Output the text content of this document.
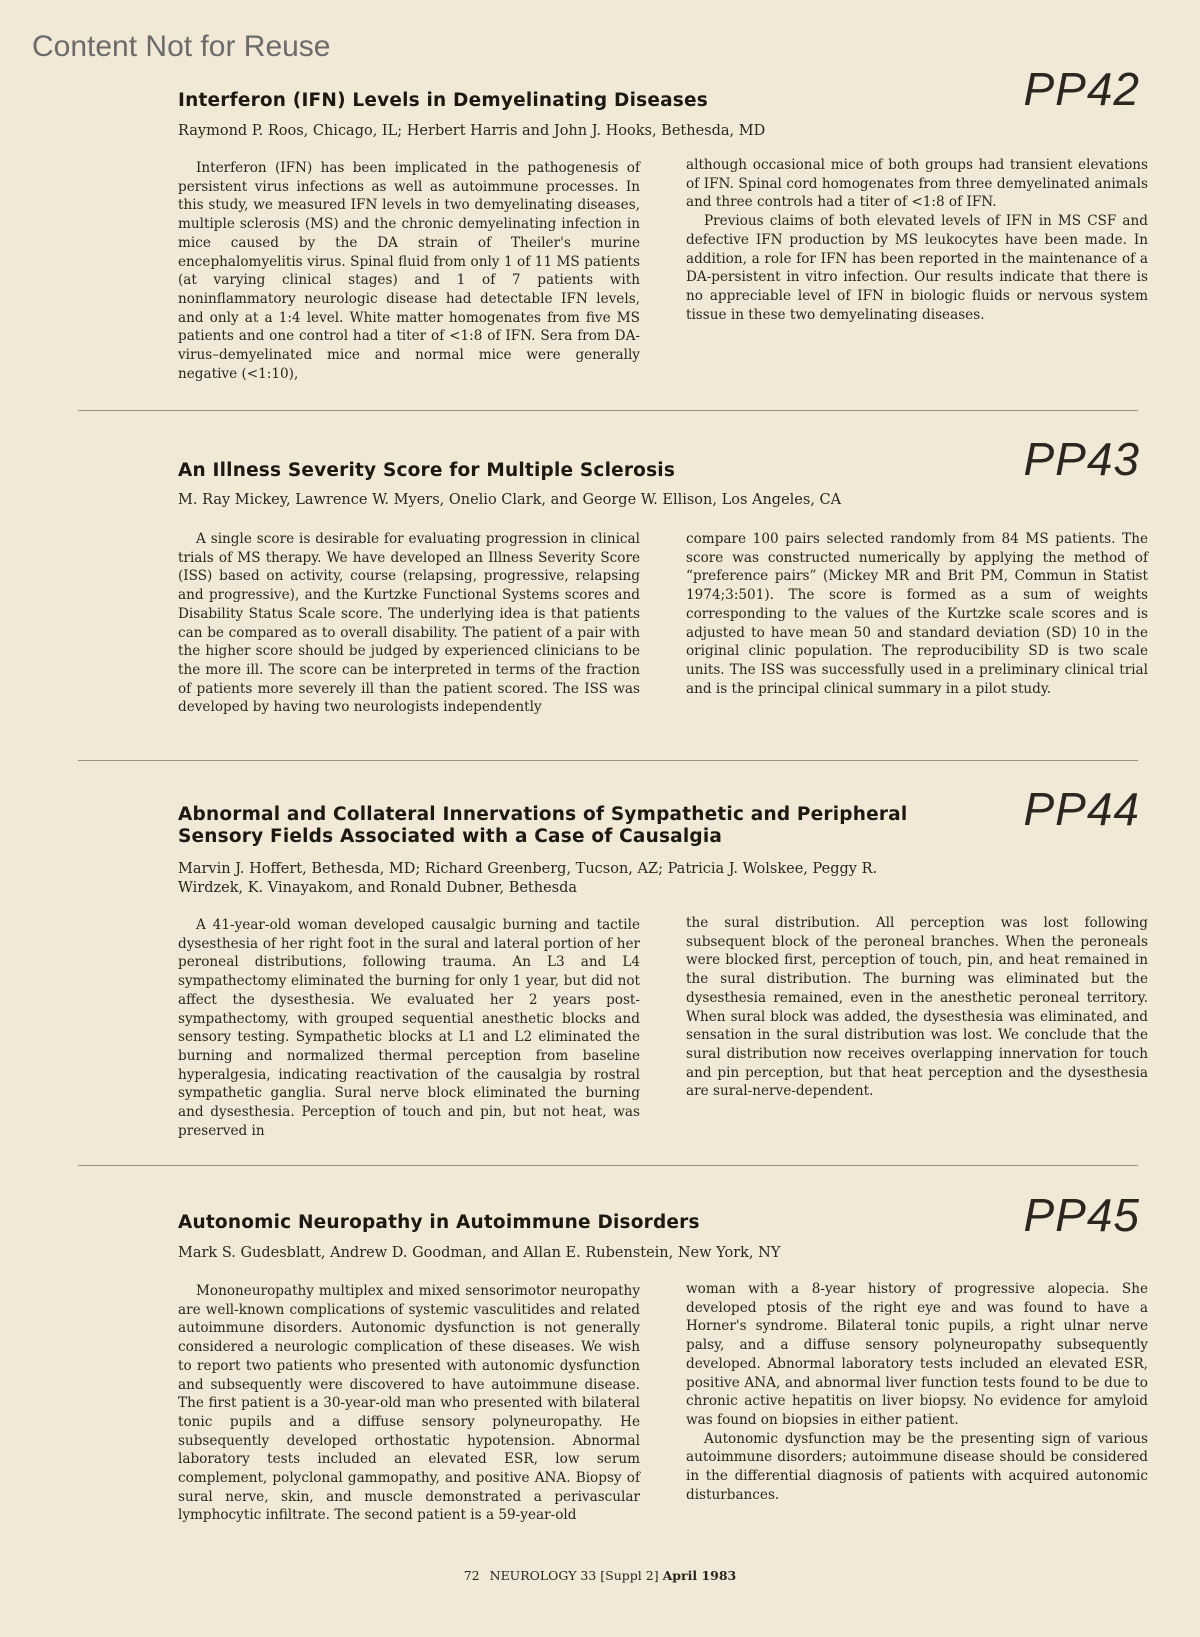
Content Not for Reuse
PP42
Interferon (IFN) Levels in Demyelinating Diseases
Raymond P. Roos, Chicago, IL; Herbert Harris and John J. Hooks, Bethesda, MD

Interferon (IFN) has been implicated in the pathogenesis of persistent virus infections as well as autoimmune processes. In this study, we measured IFN levels in two demyelinating diseases, multiple sclerosis (MS) and the chronic demyelinating infection in mice caused by the DA strain of Theiler's murine encephalomyelitis virus. Spinal fluid from only 1 of 11 MS patients (at varying clinical stages) and 1 of 7 patients with noninflammatory neurologic disease had detectable IFN levels, and only at a 1:4 level. White matter homogenates from five MS patients and one control had a titer of <1:8 of IFN. Sera from DA-virus–demyelinated mice and normal mice were generally negative (<1:10),

although occasional mice of both groups had transient elevations of IFN. Spinal cord homogenates from three demyelinated animals and three controls had a titer of <1:8 of IFN.

Previous claims of both elevated levels of IFN in MS CSF and defective IFN production by MS leukocytes have been made. In addition, a role for IFN has been reported in the maintenance of a DA-persistent in vitro infection. Our results indicate that there is no appreciable level of IFN in biologic fluids or nervous system tissue in these two demyelinating diseases.

PP43
An Illness Severity Score for Multiple Sclerosis
M. Ray Mickey, Lawrence W. Myers, Onelio Clark, and George W. Ellison, Los Angeles, CA

A single score is desirable for evaluating progression in clinical trials of MS therapy. We have developed an Illness Severity Score (ISS) based on activity, course (relapsing, progressive, relapsing and progressive), and the Kurtzke Functional Systems scores and Disability Status Scale score. The underlying idea is that patients can be compared as to overall disability. The patient of a pair with the higher score should be judged by experienced clinicians to be the more ill. The score can be interpreted in terms of the fraction of patients more severely ill than the patient scored. The ISS was developed by having two neurologists independently

compare 100 pairs selected randomly from 84 MS patients. The score was constructed numerically by applying the method of “preference pairs” (Mickey MR and Brit PM, Commun in Statist 1974;3:501). The score is formed as a sum of weights corresponding to the values of the Kurtzke scale scores and is adjusted to have mean 50 and standard deviation (SD) 10 in the original clinic population. The reproducibility SD is two scale units. The ISS was successfully used in a preliminary clinical trial and is the principal clinical summary in a pilot study.

PP44
Abnormal and Collateral Innervations of Sympathetic and Peripheral Sensory Fields Associated with a Case of Causalgia
Marvin J. Hoffert, Bethesda, MD; Richard Greenberg, Tucson, AZ; Patricia J. Wolskee, Peggy R. Wirdzek, K. Vinayakom, and Ronald Dubner, Bethesda

A 41-year-old woman developed causalgic burning and tactile dysesthesia of her right foot in the sural and lateral portion of her peroneal distributions, following trauma. An L3 and L4 sympathectomy eliminated the burning for only 1 year, but did not affect the dysesthesia. We evaluated her 2 years post-sympathectomy, with grouped sequential anesthetic blocks and sensory testing. Sympathetic blocks at L1 and L2 eliminated the burning and normalized thermal perception from baseline hyperalgesia, indicating reactivation of the causalgia by rostral sympathetic ganglia. Sural nerve block eliminated the burning and dysesthesia. Perception of touch and pin, but not heat, was preserved in

the sural distribution. All perception was lost following subsequent block of the peroneal branches. When the peroneals were blocked first, perception of touch, pin, and heat remained in the sural distribution. The burning was eliminated but the dysesthesia remained, even in the anesthetic peroneal territory. When sural block was added, the dysesthesia was eliminated, and sensation in the sural distribution was lost. We conclude that the sural distribution now receives overlapping innervation for touch and pin perception, but that heat perception and the dysesthesia are sural-nerve-dependent.

PP45
Autonomic Neuropathy in Autoimmune Disorders
Mark S. Gudesblatt, Andrew D. Goodman, and Allan E. Rubenstein, New York, NY

Mononeuropathy multiplex and mixed sensorimotor neuropathy are well-known complications of systemic vasculitides and related autoimmune disorders. Autonomic dysfunction is not generally considered a neurologic complication of these diseases. We wish to report two patients who presented with autonomic dysfunction and subsequently were discovered to have autoimmune disease. The first patient is a 30-year-old man who presented with bilateral tonic pupils and a diffuse sensory polyneuropathy. He subsequently developed orthostatic hypotension. Abnormal laboratory tests included an elevated ESR, low serum complement, polyclonal gammopathy, and positive ANA. Biopsy of sural nerve, skin, and muscle demonstrated a perivascular lymphocytic infiltrate. The second patient is a 59-year-old

woman with a 8-year history of progressive alopecia. She developed ptosis of the right eye and was found to have a Horner's syndrome. Bilateral tonic pupils, a right ulnar nerve palsy, and a diffuse sensory polyneuropathy subsequently developed. Abnormal laboratory tests included an elevated ESR, positive ANA, and abnormal liver function tests found to be due to chronic active hepatitis on liver biopsy. No evidence for amyloid was found on biopsies in either patient.

Autonomic dysfunction may be the presenting sign of various autoimmune disorders; autoimmune disease should be considered in the differential diagnosis of patients with acquired autonomic disturbances.

72 NEUROLOGY 33 [Suppl 2] April 1983
